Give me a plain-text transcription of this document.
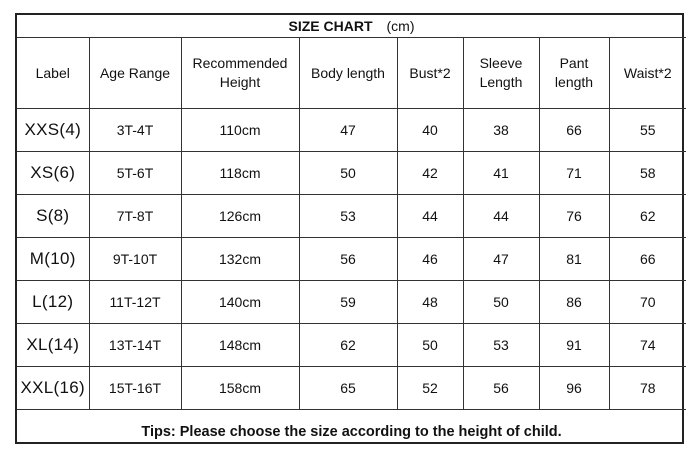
SIZE CHART (cm)							
Label	Age Range	Recommended Height	Body length	Bust*2	Sleeve Length	Pant length	Waist*2
XXS(4)	3T-4T	110cm	47	40	38	66	55
XS(6)	5T-6T	118cm	50	42	41	71	58
S(8)	7T-8T	126cm	53	44	44	76	62
M(10)	9T-10T	132cm	56	46	47	81	66
L(12)	11T-12T	140cm	59	48	50	86	70
XL(14)	13T-14T	148cm	62	50	53	91	74
XXL(16)	15T-16T	158cm	65	52	56	96	78
Tips: Please choose the size according to the height of child.							
